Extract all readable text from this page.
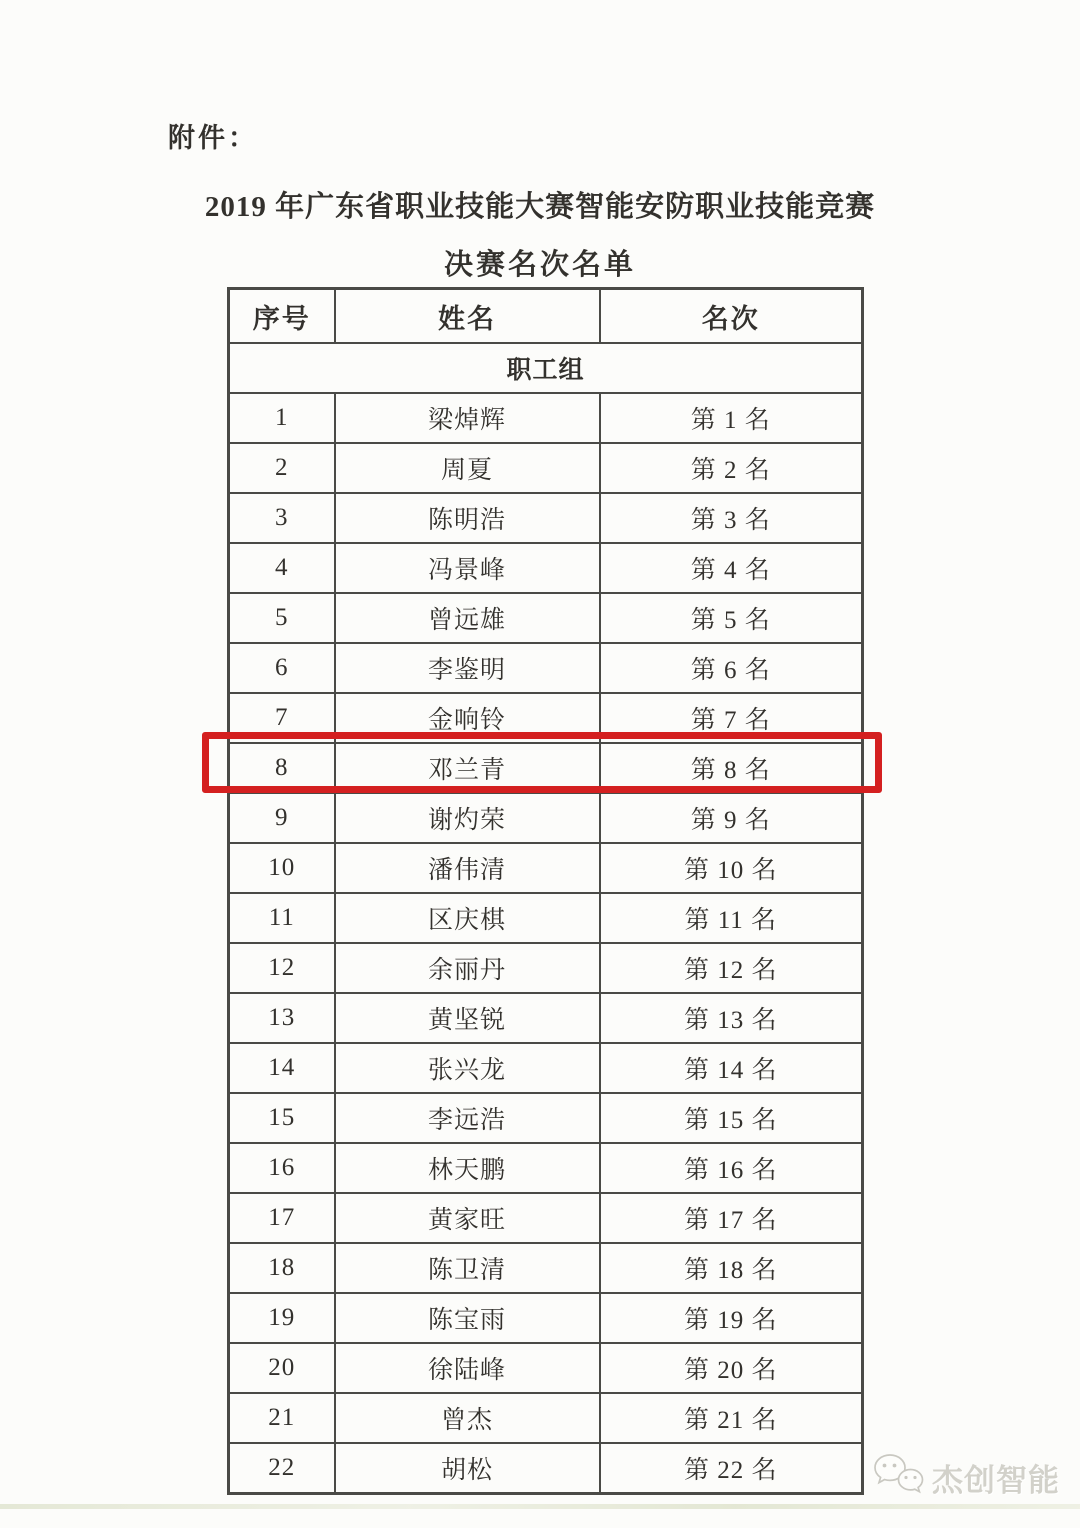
附件：
2019 年广东省职业技能大赛智能安防职业技能竞赛
决赛名次名单
序号	姓名	名次
职工组		
1	梁焯辉	第 1 名
2	周夏	第 2 名
3	陈明浩	第 3 名
4	冯景峰	第 4 名
5	曾远雄	第 5 名
6	李鉴明	第 6 名
7	金响铃	第 7 名
8	邓兰青	第 8 名
9	谢灼荣	第 9 名
10	潘伟清	第 10 名
11	区庆棋	第 11 名
12	余丽丹	第 12 名
13	黄坚锐	第 13 名
14	张兴龙	第 14 名
15	李远浩	第 15 名
16	林天鹏	第 16 名
17	黄家旺	第 17 名
18	陈卫清	第 18 名
19	陈宝雨	第 19 名
20	徐陆峰	第 20 名
21	曾杰	第 21 名
22	胡松	第 22 名	杰创智能
